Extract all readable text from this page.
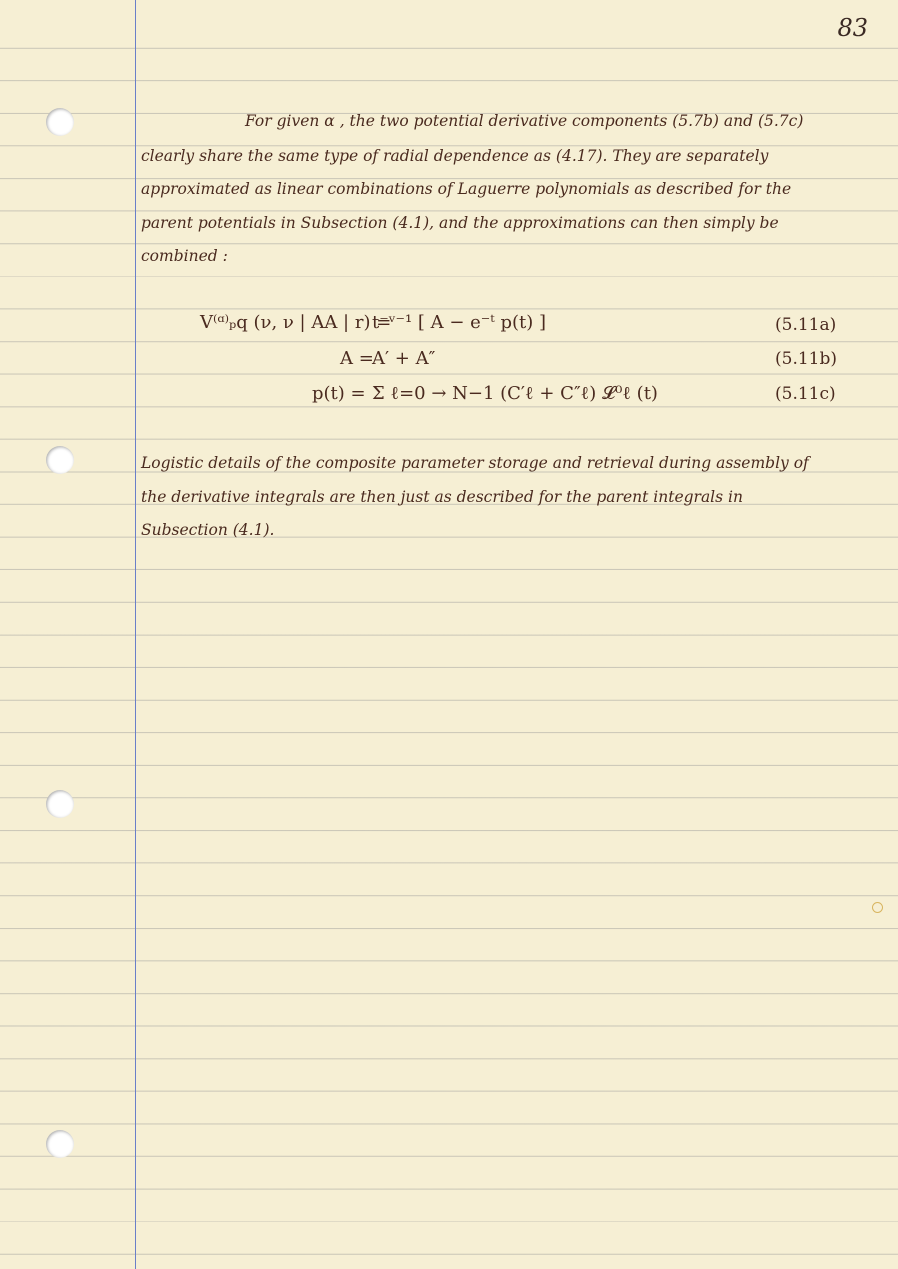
83
For given α , the two potential derivative components (5.7b) and (5.7c)
clearly share the same type of radial dependence as (4.17). They are separately
approximated as linear combinations of Laguerre polynomials as described for the
parent potentials in Subsection (4.1), and the approximations can then simply be
combined :
V⁽ᵅ⁾ₚq (ν, ν | AA | r) =
t⁻ᵛ⁻¹ [ A − e⁻ᵗ p(t) ]	(5.11a)
A =
A′ + A″	(5.11b)
p(t) = Σ ℓ=0 → N−1 (C′ℓ + C″ℓ) 𝓛⁰ℓ (t)	(5.11c)
Logistic details of the composite parameter storage and retrieval during assembly of
the derivative integrals are then just as described for the parent integrals in
Subsection (4.1).
